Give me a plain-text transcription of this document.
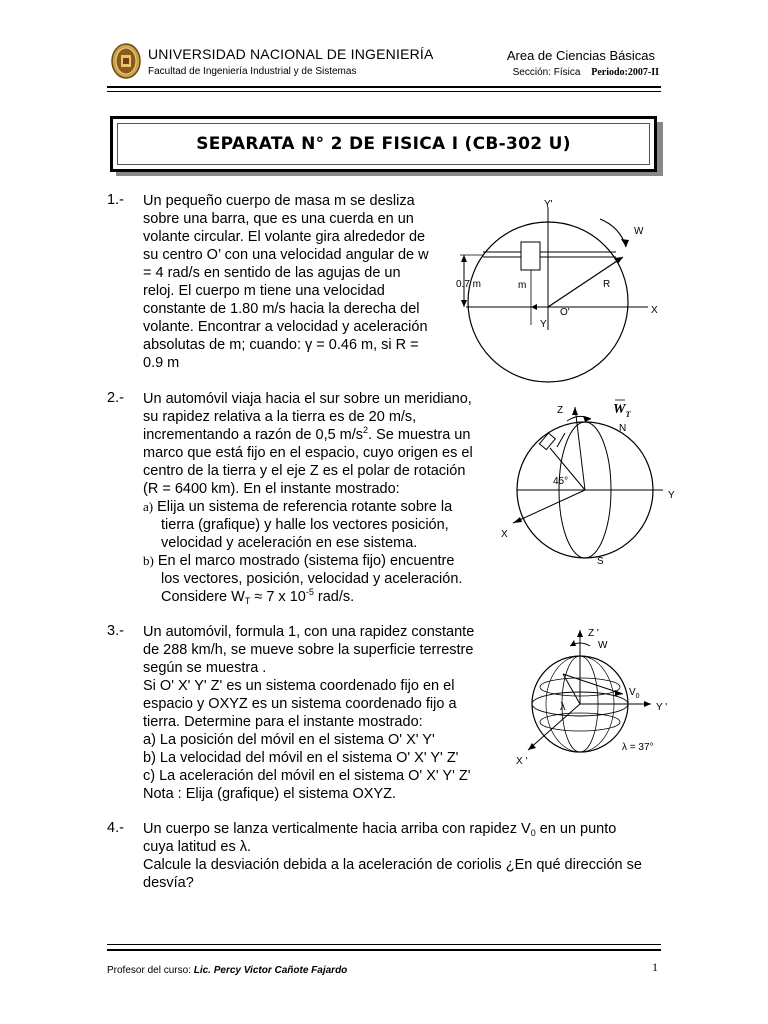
UNIVERSIDAD NACIONAL DE INGENIERÍA
Facultad de Ingeniería Industrial y de Sistemas
Area de Ciencias Básicas
Sección: Física Periodo:2007-II
SEPARATA N° 2 DE FISICA I (CB-302 U)
1.- Un pequeño cuerpo de masa m se desliza
sobre una barra, que es una cuerda en un
volante circular. El volante gira alrededor de
su centro O’ con una velocidad angular de w
= 4 rad/s en sentido de las agujas de un
reloj. El cuerpo m tiene una velocidad
constante de 1.80 m/s hacia la derecha del
volante. Encontrar a velocidad y aceleración
absolutas de m; cuando: γ = 0.46 m, si R =
0.9 m
Y'
X
m	R
0.7 m
Y
O'
W
2.- Un automóvil viaja hacia el sur sobre un meridiano,
su rapidez relativa a la tierra es de 20 m/s,
incrementando a razón de 0,5 $m/s^2$. Se muestra un
marco que está fijo en el espacio, cuyo origen es el
centro de la tierra y el eje Z es el polar de rotación
(R = 6400 km). En el instante mostrado:
a) Elija un sistema de referencia rotante sobre la
tierra (grafique) y halle los vectores posición,
velocidad y aceleración en ese sistema.
b) En el marco mostrado (sistema fijo) encuentre
los vectores, posición, velocidad y aceleración.
Considere $W_T \approx 7$ x $10^{-5}$ rad/s.
Y
X
Z	$W_T$
N
45°
S
3.- Un automóvil, formula 1, con una rapidez constante
de 288 km/h, se mueve sobre la superficie terrestre
según se muestra .
Si O' X' Y' Z' es un sistema coordenado fijo en el
espacio y OXYZ es un sistema coordenado fijo a
tierra. Determine para el instante mostrado:
a) La posición del móvil en el sistema O' X' Y'
b) La velocidad del móvil en el sistema O' X' Y' Z'
c) La aceleración del móvil en el sistema O' X' Y' Z'
Nota : Elija (grafique) el sistema OXYZ.
Z '
W
Y '
X '
$V_0$
λ
λ = 37°
4.- Un cuerpo se lanza verticalmente hacia arriba con rapidez $V_0$ en un punto
cuya latitud es λ.
Calcule la desviación debida a la aceleración de coriolis ¿En qué dirección se
desvía?
Profesor del curso: Lic. Percy Victor Cañote Fajardo	1
